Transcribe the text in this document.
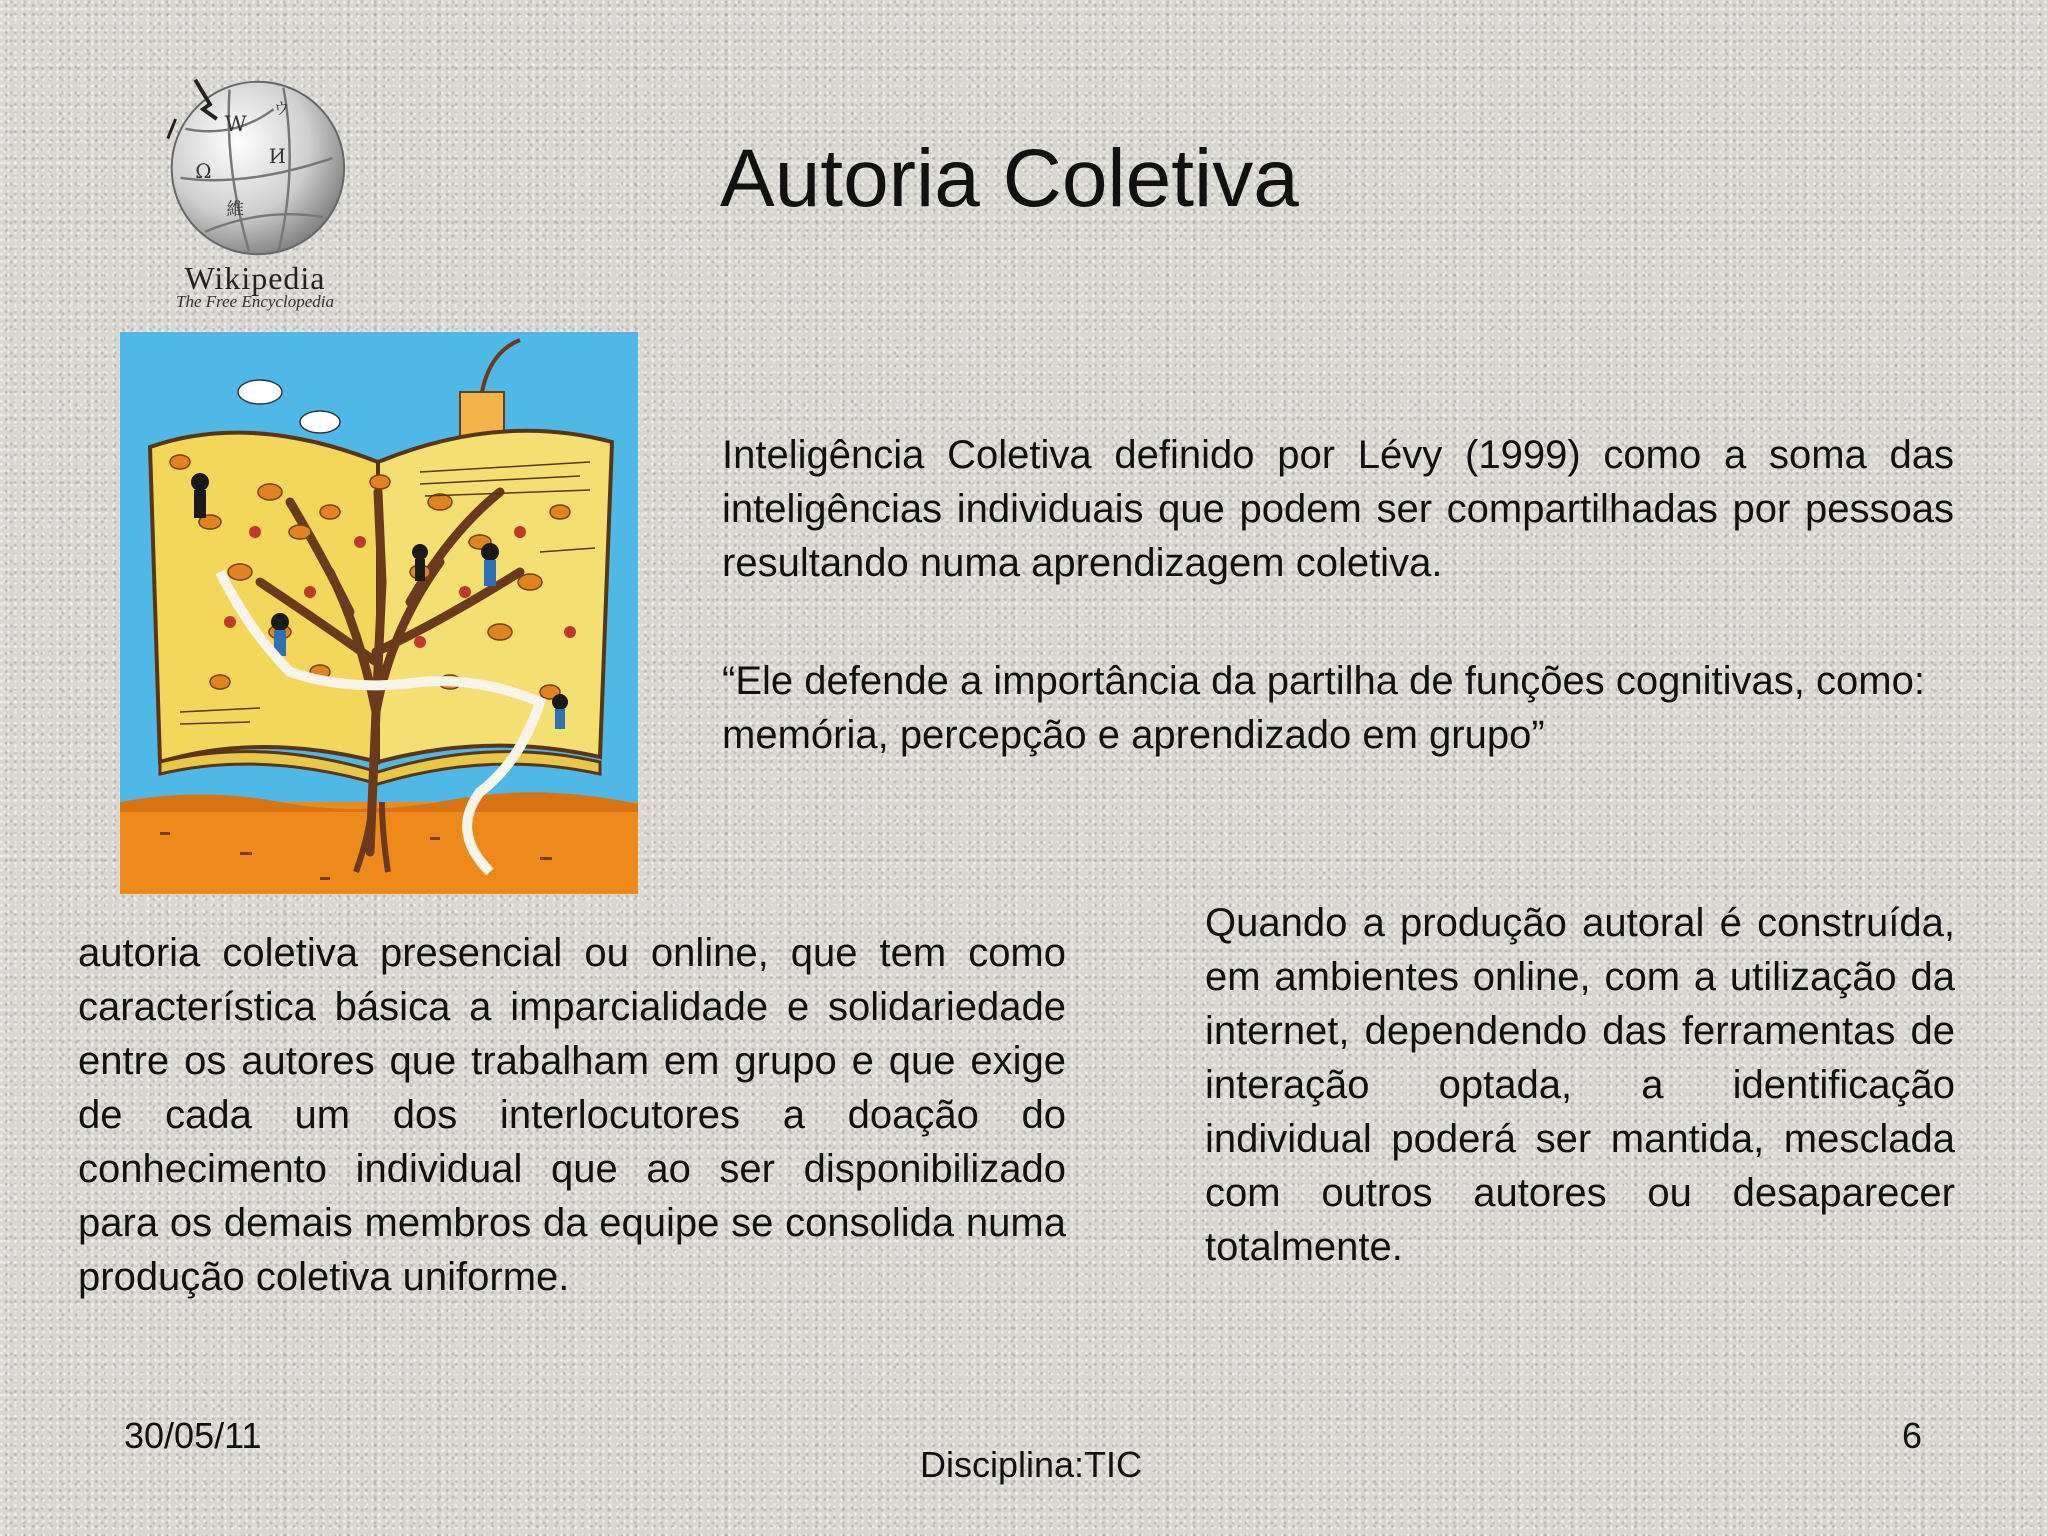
W
Ω
И
維
ウ
Wikipedia
The Free Encyclopedia
Autoria Coletiva
Inteligência Coletiva definido por Lévy (1999) como a soma das inteligências individuais que podem ser compartilhadas por pessoas resultando numa aprendizagem coletiva.
“Ele defende a importância da partilha de funções cognitivas, como: memória, percepção e aprendizado em grupo”
autoria coletiva presencial ou online, que tem como característica básica a imparcialidade e solidariedade entre os autores que trabalham em grupo e que exige de cada um dos interlocutores a doação do conhecimento individual que ao ser disponibilizado para os demais membros da equipe se consolida numa produção coletiva uniforme.
Quando a produção autoral é construída, em ambientes online, com a utilização da internet, dependendo das ferramentas de interação optada, a identificação individual poderá ser mantida, mesclada com outros autores ou desaparecer totalmente.
30/05/11
Disciplina:TIC
6
